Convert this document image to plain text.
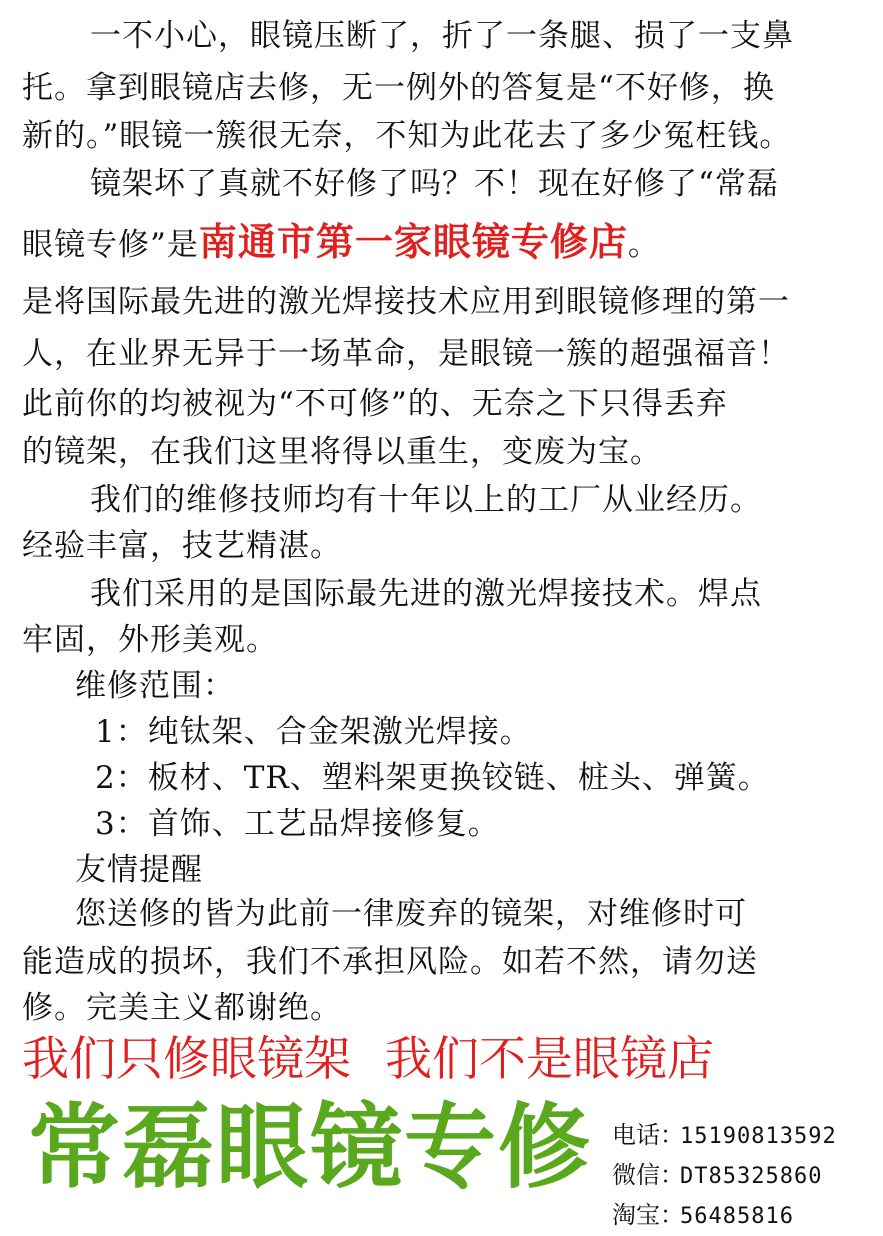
一不小心，眼镜压断了，折了一条腿、损了一支鼻
托。拿到眼镜店去修，无一例外的答复是“不好修，换
新的。”眼镜一簇很无奈，不知为此花去了多少冤枉钱。
镜架坏了真就不好修了吗？不！现在好修了“常磊
眼镜专修”是南通市第一家眼镜专修店。
是将国际最先进的激光焊接技术应用到眼镜修理的第一
人，在业界无异于一场革命，是眼镜一簇的超强福音！
此前你的均被视为“不可修”的、无奈之下只得丢弃
的镜架，在我们这里将得以重生，变废为宝。
我们的维修技师均有十年以上的工厂从业经历。
经验丰富，技艺精湛。
我们采用的是国际最先进的激光焊接技术。焊点
牢固，外形美观。
维修范围：
1：纯钛架、合金架激光焊接。
2：板材、TR、塑料架更换铰链、桩头、弹簧。
3：首饰、工艺品焊接修复。
友情提醒
您送修的皆为此前一律废弃的镜架，对维修时可
能造成的损坏，我们不承担风险。如若不然，请勿送
修。完美主义都谢绝。
我们只修眼镜架 我们不是眼镜店
常磊眼镜专修 电话：15190813592
微信：DT85325860
淘宝：56485816
